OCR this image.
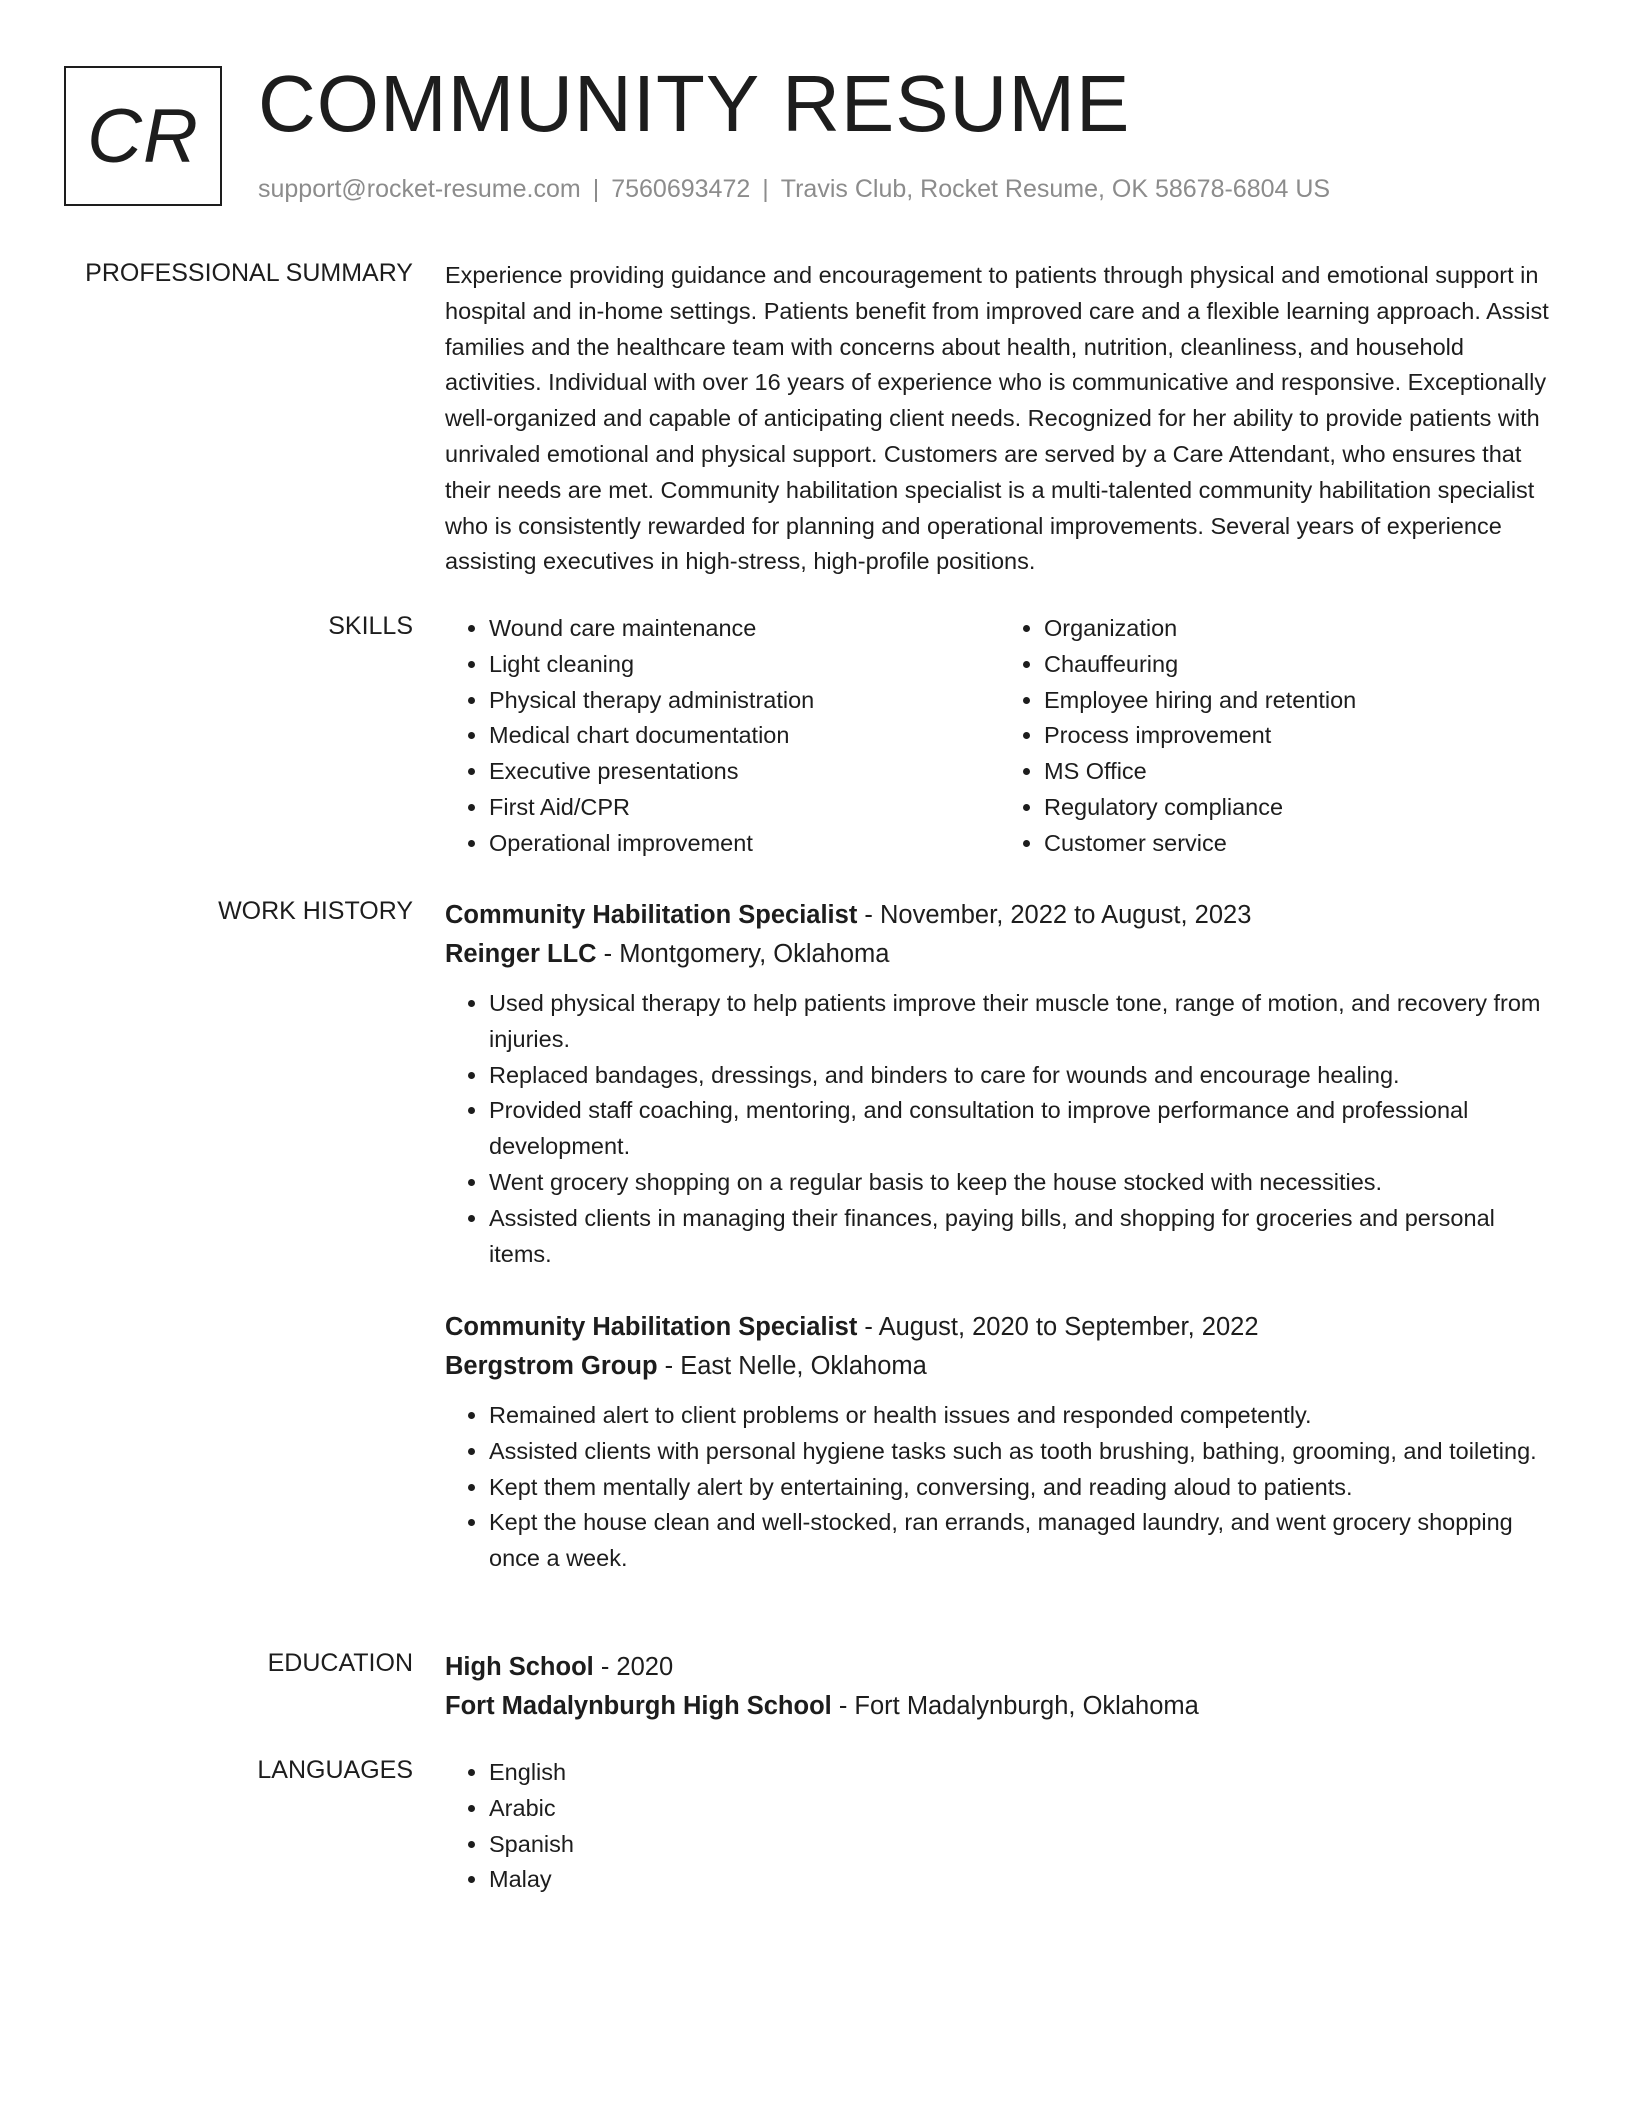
CR COMMUNITY RESUME
support@rocket-resume.com | 7560693472 | Travis Club, Rocket Resume, OK 58678-6804 US
PROFESSIONAL SUMMARY Experience providing guidance and encouragement to patients through physical and emotional support in hospital and in-home settings. Patients benefit from improved care and a flexible learning approach. Assist families and the healthcare team with concerns about health, nutrition, cleanliness, and household activities. Individual with over 16 years of experience who is communicative and responsive. Exceptionally well-organized and capable of anticipating client needs. Recognized for her ability to provide patients with unrivaled emotional and physical support. Customers are served by a Care Attendant, who ensures that their needs are met. Community habilitation specialist is a multi-talented community habilitation specialist who is consistently rewarded for planning and operational improvements. Several years of experience assisting executives in high-stress, high-profile positions.

SKILLS	• Wound care maintenance
• Light cleaning
• Physical therapy administration
• Medical chart documentation
• Executive presentations
• First Aid/CPR
• Operational improvement
• Organization
• Chauffeuring
• Employee hiring and retention
• Process improvement
• MS Office
• Regulatory compliance
• Customer service
WORK HISTORY Community Habilitation Specialist - November, 2022 to August, 2023
Reinger LLC - Montgomery, Oklahoma
• Used physical therapy to help patients improve their muscle tone, range of motion, and recovery from injuries.
• Replaced bandages, dressings, and binders to care for wounds and encourage healing.
• Provided staff coaching, mentoring, and consultation to improve performance and professional development.
• Went grocery shopping on a regular basis to keep the house stocked with necessities.
• Assisted clients in managing their finances, paying bills, and shopping for groceries and personal items.
Community Habilitation Specialist - August, 2020 to September, 2022
Bergstrom Group - East Nelle, Oklahoma
• Remained alert to client problems or health issues and responded competently.
• Assisted clients with personal hygiene tasks such as tooth brushing, bathing, grooming, and toileting.
• Kept them mentally alert by entertaining, conversing, and reading aloud to patients.
• Kept the house clean and well-stocked, ran errands, managed laundry, and went grocery shopping once a week.
EDUCATION High School - 2020
Fort Madalynburgh High School - Fort Madalynburgh, Oklahoma
LANGUAGES	• English
• Arabic
• Spanish
• Malay
